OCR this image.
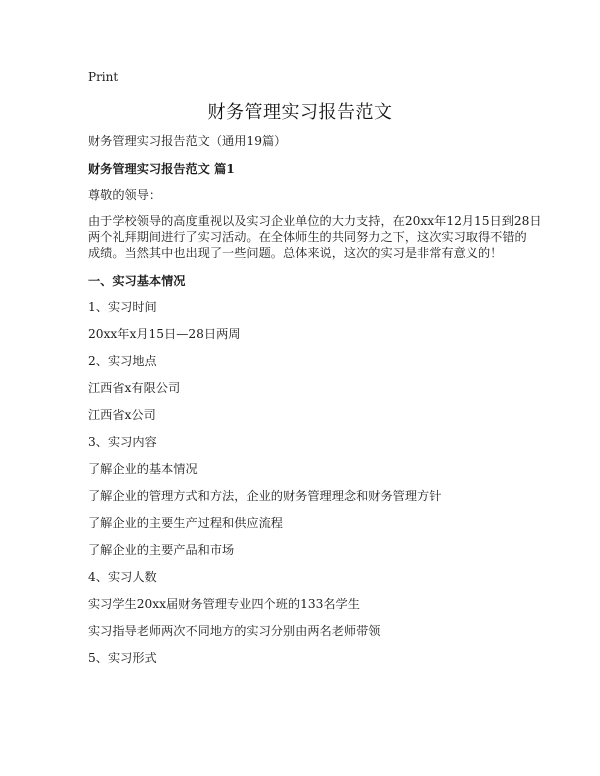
Print
财务管理实习报告范文
财务管理实习报告范文（通用19篇）
财务管理实习报告范文 篇1
尊敬的领导：
由于学校领导的高度重视以及实习企业单位的大力支持，在20xx年12月15日到28日
两个礼拜期间进行了实习活动。在全体师生的共同努力之下，这次实习取得不错的
成绩。当然其中也出现了一些问题。总体来说，这次的实习是非常有意义的！
一、实习基本情况
1、实习时间
20xx年x月15日—28日两周
2、实习地点
江西省x有限公司
江西省x公司
3、实习内容
了解企业的基本情况
了解企业的管理方式和方法，企业的财务管理理念和财务管理方针
了解企业的主要生产过程和供应流程
了解企业的主要产品和市场
4、实习人数
实习学生20xx届财务管理专业四个班的133名学生
实习指导老师两次不同地方的实习分别由两名老师带领
5、实习形式
